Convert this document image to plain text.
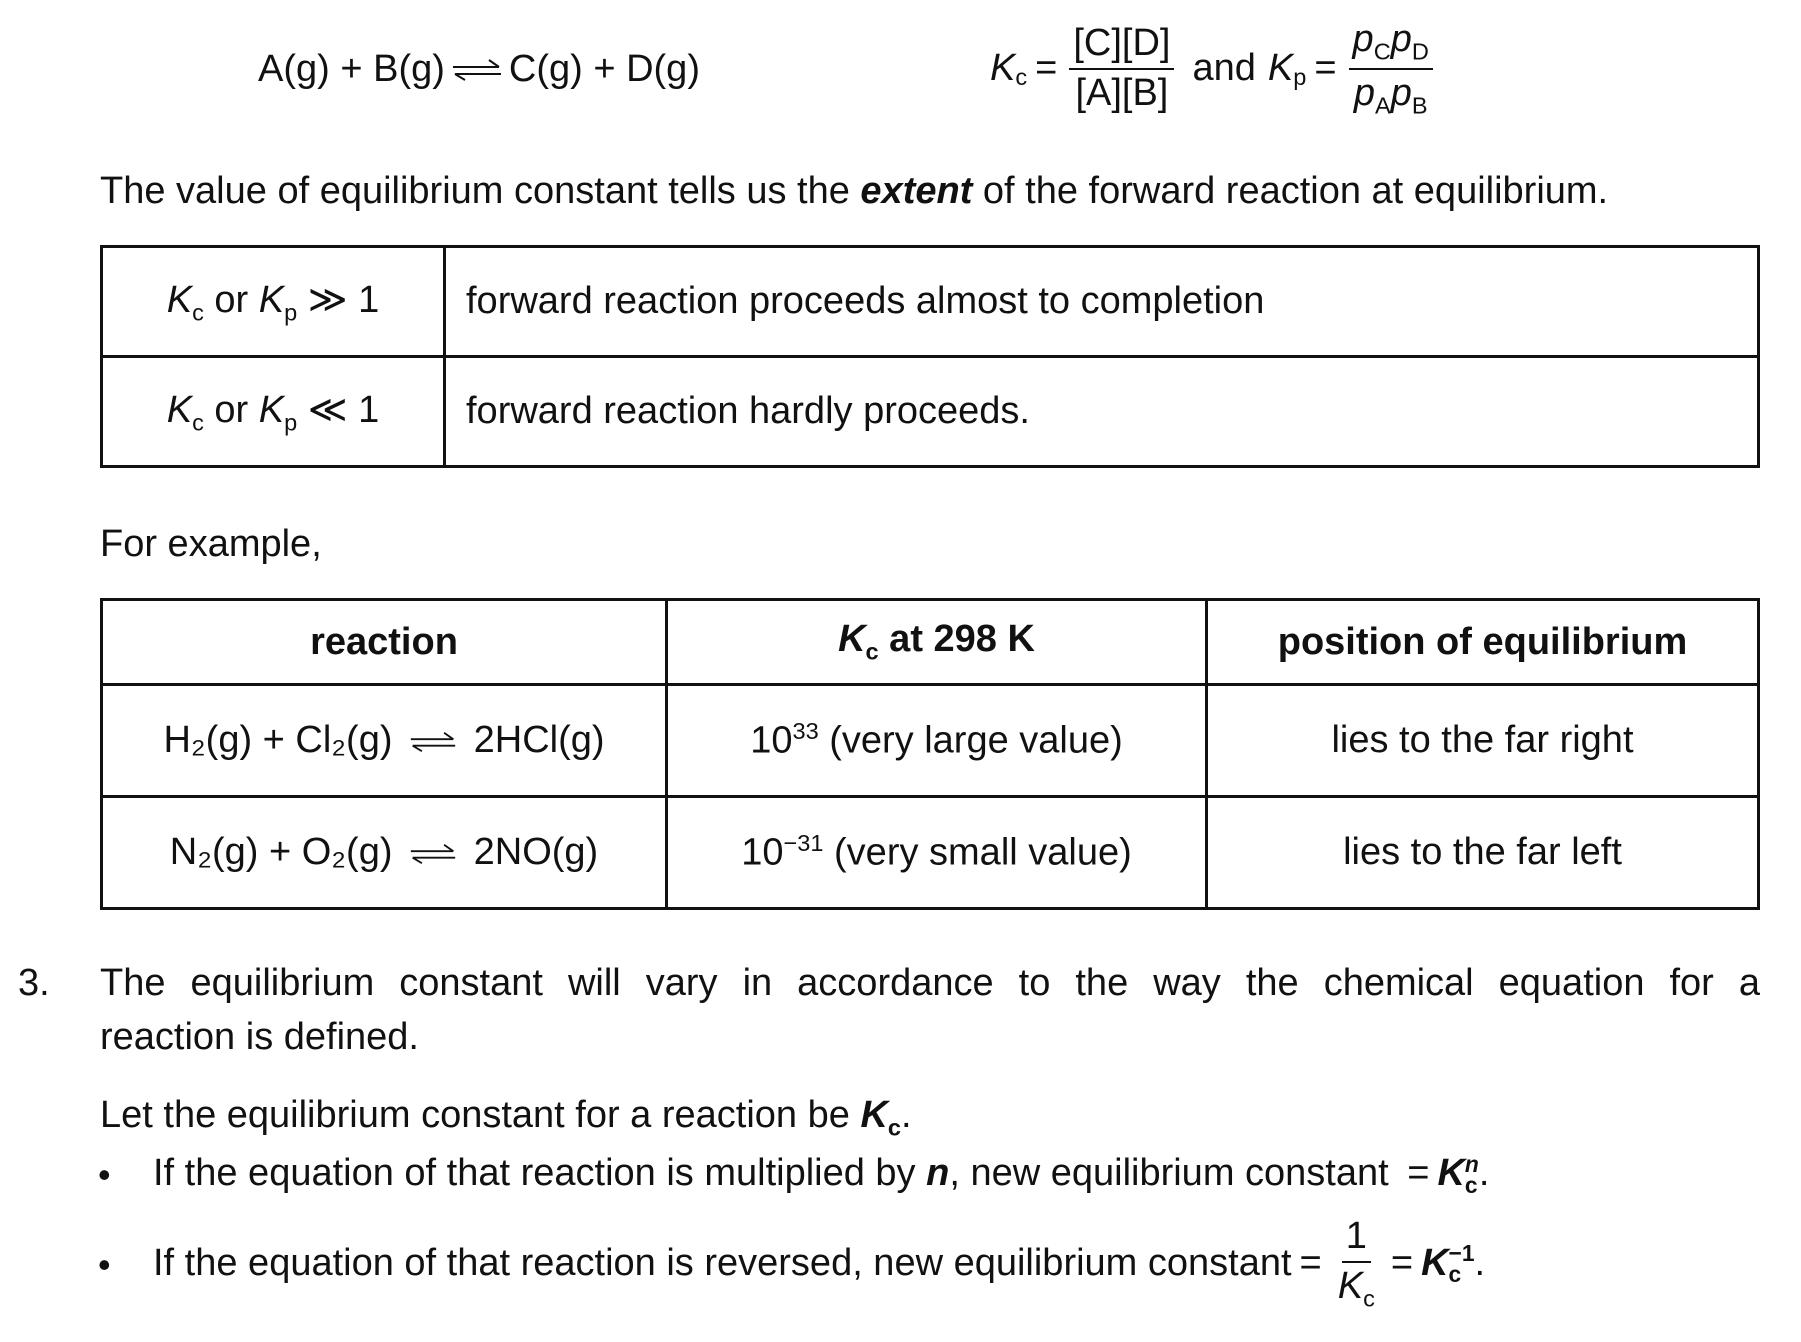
A(g) + B(g) ⇌ C(g) + D(g)	$K_c = \frac{[C][D]}{[A][B]}$ and $K_p = \frac{p_Cp_D}{p_Ap_B}$
The value of equilibrium constant tells us the extent of the forward reaction at equilibrium.
$K_c$ or $K_p$ ≫ 1	forward reaction proceeds almost to completion
$K_c$ or $K_p$ ≪ 1	forward reaction hardly proceeds.
For example,
reaction	$K_c$ at 298 K	position of equilibrium
H₂(g) + Cl₂(g) ⇌ 2HCl(g)	$10^{33}$ (very large value)	lies to the far right
N₂(g) + O₂(g) ⇌ 2NO(g)	$10^{-31}$ (very small value)	lies to the far left
3. The equilibrium constant will vary in accordance to the way the chemical equation for a
reaction is defined.
Let the equilibrium constant for a reaction be $K_c$.
• If the equation of that reaction is multiplied by n, new equilibrium constant = K n
c .
• If the equation of that reaction is reversed, new equilibrium constant = $\frac{1}{K_c} = K -1$
c .
